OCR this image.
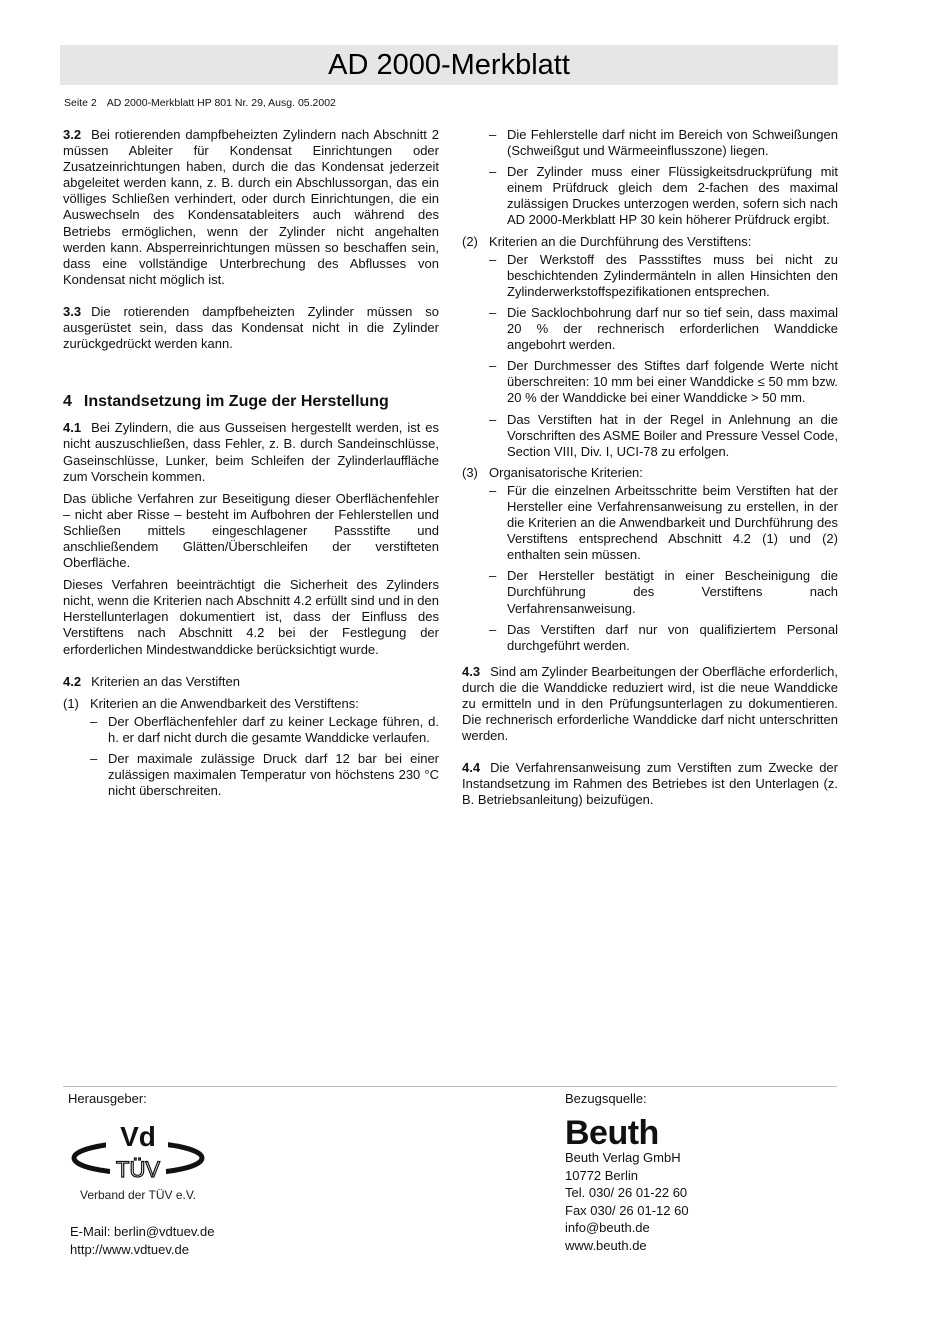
AD 2000-Merkblatt
Seite 2 AD 2000-Merkblatt HP 801 Nr. 29, Ausg. 05.2002

3.2 Bei rotierenden dampfbeheizten Zylindern nach Abschnitt 2 müssen Ableiter für Kondensat Einrichtungen oder Zusatzeinrichtungen haben, durch die das Kondensat jederzeit abgeleitet werden kann, z. B. durch ein Abschlussorgan, das ein völliges Schließen verhindert, oder durch Einrichtungen, die ein Auswechseln des Kondensatableiters auch während des Betriebs ermöglichen, wenn der Zylinder nicht angehalten werden kann. Absperreinrichtungen müssen so beschaffen sein, dass eine vollständige Unterbrechung des Abflusses von Kondensat nicht möglich ist.

3.3 Die rotierenden dampfbeheizten Zylinder müssen so ausgerüstet sein, dass das Kondensat nicht in die Zylinder zurückgedrückt werden kann.

4 Instandsetzung im Zuge der Herstellung

4.1 Bei Zylindern, die aus Gusseisen hergestellt werden, ist es nicht auszuschließen, dass Fehler, z. B. durch Sandeinschlüsse, Gaseinschlüsse, Lunker, beim Schleifen der Zylinderlauffläche zum Vorschein kommen.

Das übliche Verfahren zur Beseitigung dieser Oberflächenfehler – nicht aber Risse – besteht im Aufbohren der Fehlerstellen und Schließen mittels eingeschlagener Passstifte und anschließendem Glätten/Überschleifen der verstifteten Oberfläche.

Dieses Verfahren beeinträchtigt die Sicherheit des Zylinders nicht, wenn die Kriterien nach Abschnitt 4.2 erfüllt sind und in den Herstellunterlagen dokumentiert ist, dass der Einfluss des Verstiftens nach Abschnitt 4.2 bei der Festlegung der erforderlichen Mindestwanddicke berücksichtigt wurde.

4.2 Kriterien an das Verstiften

(1) Kriterien an die Anwendbarkeit des Verstiftens:
– Der Oberflächenfehler darf zu keiner Leckage führen, d. h. er darf nicht durch die gesamte Wanddicke verlaufen.
– Der maximale zulässige Druck darf 12 bar bei einer zulässigen maximalen Temperatur von höchstens 230 °C nicht überschreiten.
– Die Fehlerstelle darf nicht im Bereich von Schweißungen (Schweißgut und Wärmeeinflusszone) liegen.
– Der Zylinder muss einer Flüssigkeitsdruckprüfung mit einem Prüfdruck gleich dem 2-fachen des maximal zulässigen Druckes unterzogen werden, sofern sich nach AD 2000-Merkblatt HP 30 kein höherer Prüfdruck ergibt.
(2) Kriterien an die Durchführung des Verstiftens:
– Der Werkstoff des Passstiftes muss bei nicht zu beschichtenden Zylindermänteln in allen Hinsichten den Zylinderwerkstoffspezifikationen entsprechen.
– Die Sacklochbohrung darf nur so tief sein, dass maximal 20 % der rechnerisch erforderlichen Wanddicke angebohrt werden.
– Der Durchmesser des Stiftes darf folgende Werte nicht überschreiten: 10 mm bei einer Wanddicke ≤ 50 mm bzw. 20 % der Wanddicke bei einer Wanddicke > 50 mm.
– Das Verstiften hat in der Regel in Anlehnung an die Vorschriften des ASME Boiler and Pressure Vessel Code, Section VIII, Div. I, UCI-78 zu erfolgen.
(3) Organisatorische Kriterien:
– Für die einzelnen Arbeitsschritte beim Verstiften hat der Hersteller eine Verfahrensanweisung zu erstellen, in der die Kriterien an die Anwendbarkeit und Durchführung des Verstiftens entsprechend Abschnitt 4.2 (1) und (2) enthalten sein müssen.
– Der Hersteller bestätigt in einer Bescheinigung die Durchführung des Verstiftens nach Verfahrensanweisung.
– Das Verstiften darf nur von qualifiziertem Personal durchgeführt werden.

4.3 Sind am Zylinder Bearbeitungen der Oberfläche erforderlich, durch die die Wanddicke reduziert wird, ist die neue Wanddicke zu ermitteln und in den Prüfungsunterlagen zu dokumentieren. Die rechnerisch erforderliche Wanddicke darf nicht unterschritten werden.

4.4 Die Verfahrensanweisung zum Verstiften zum Zwecke der Instandsetzung im Rahmen des Betriebes ist den Unterlagen (z. B. Betriebsanleitung) beizufügen.

Herausgeber:
Vd
TÜV
Verband der TÜV e.V.
E-Mail: berlin@vdtuev.de
http://www.vdtuev.de
Bezugsquelle:
Beuth
Beuth Verlag GmbH
10772 Berlin
Tel. 030/ 26 01-22 60
Fax 030/ 26 01-12 60
info@beuth.de
www.beuth.de
